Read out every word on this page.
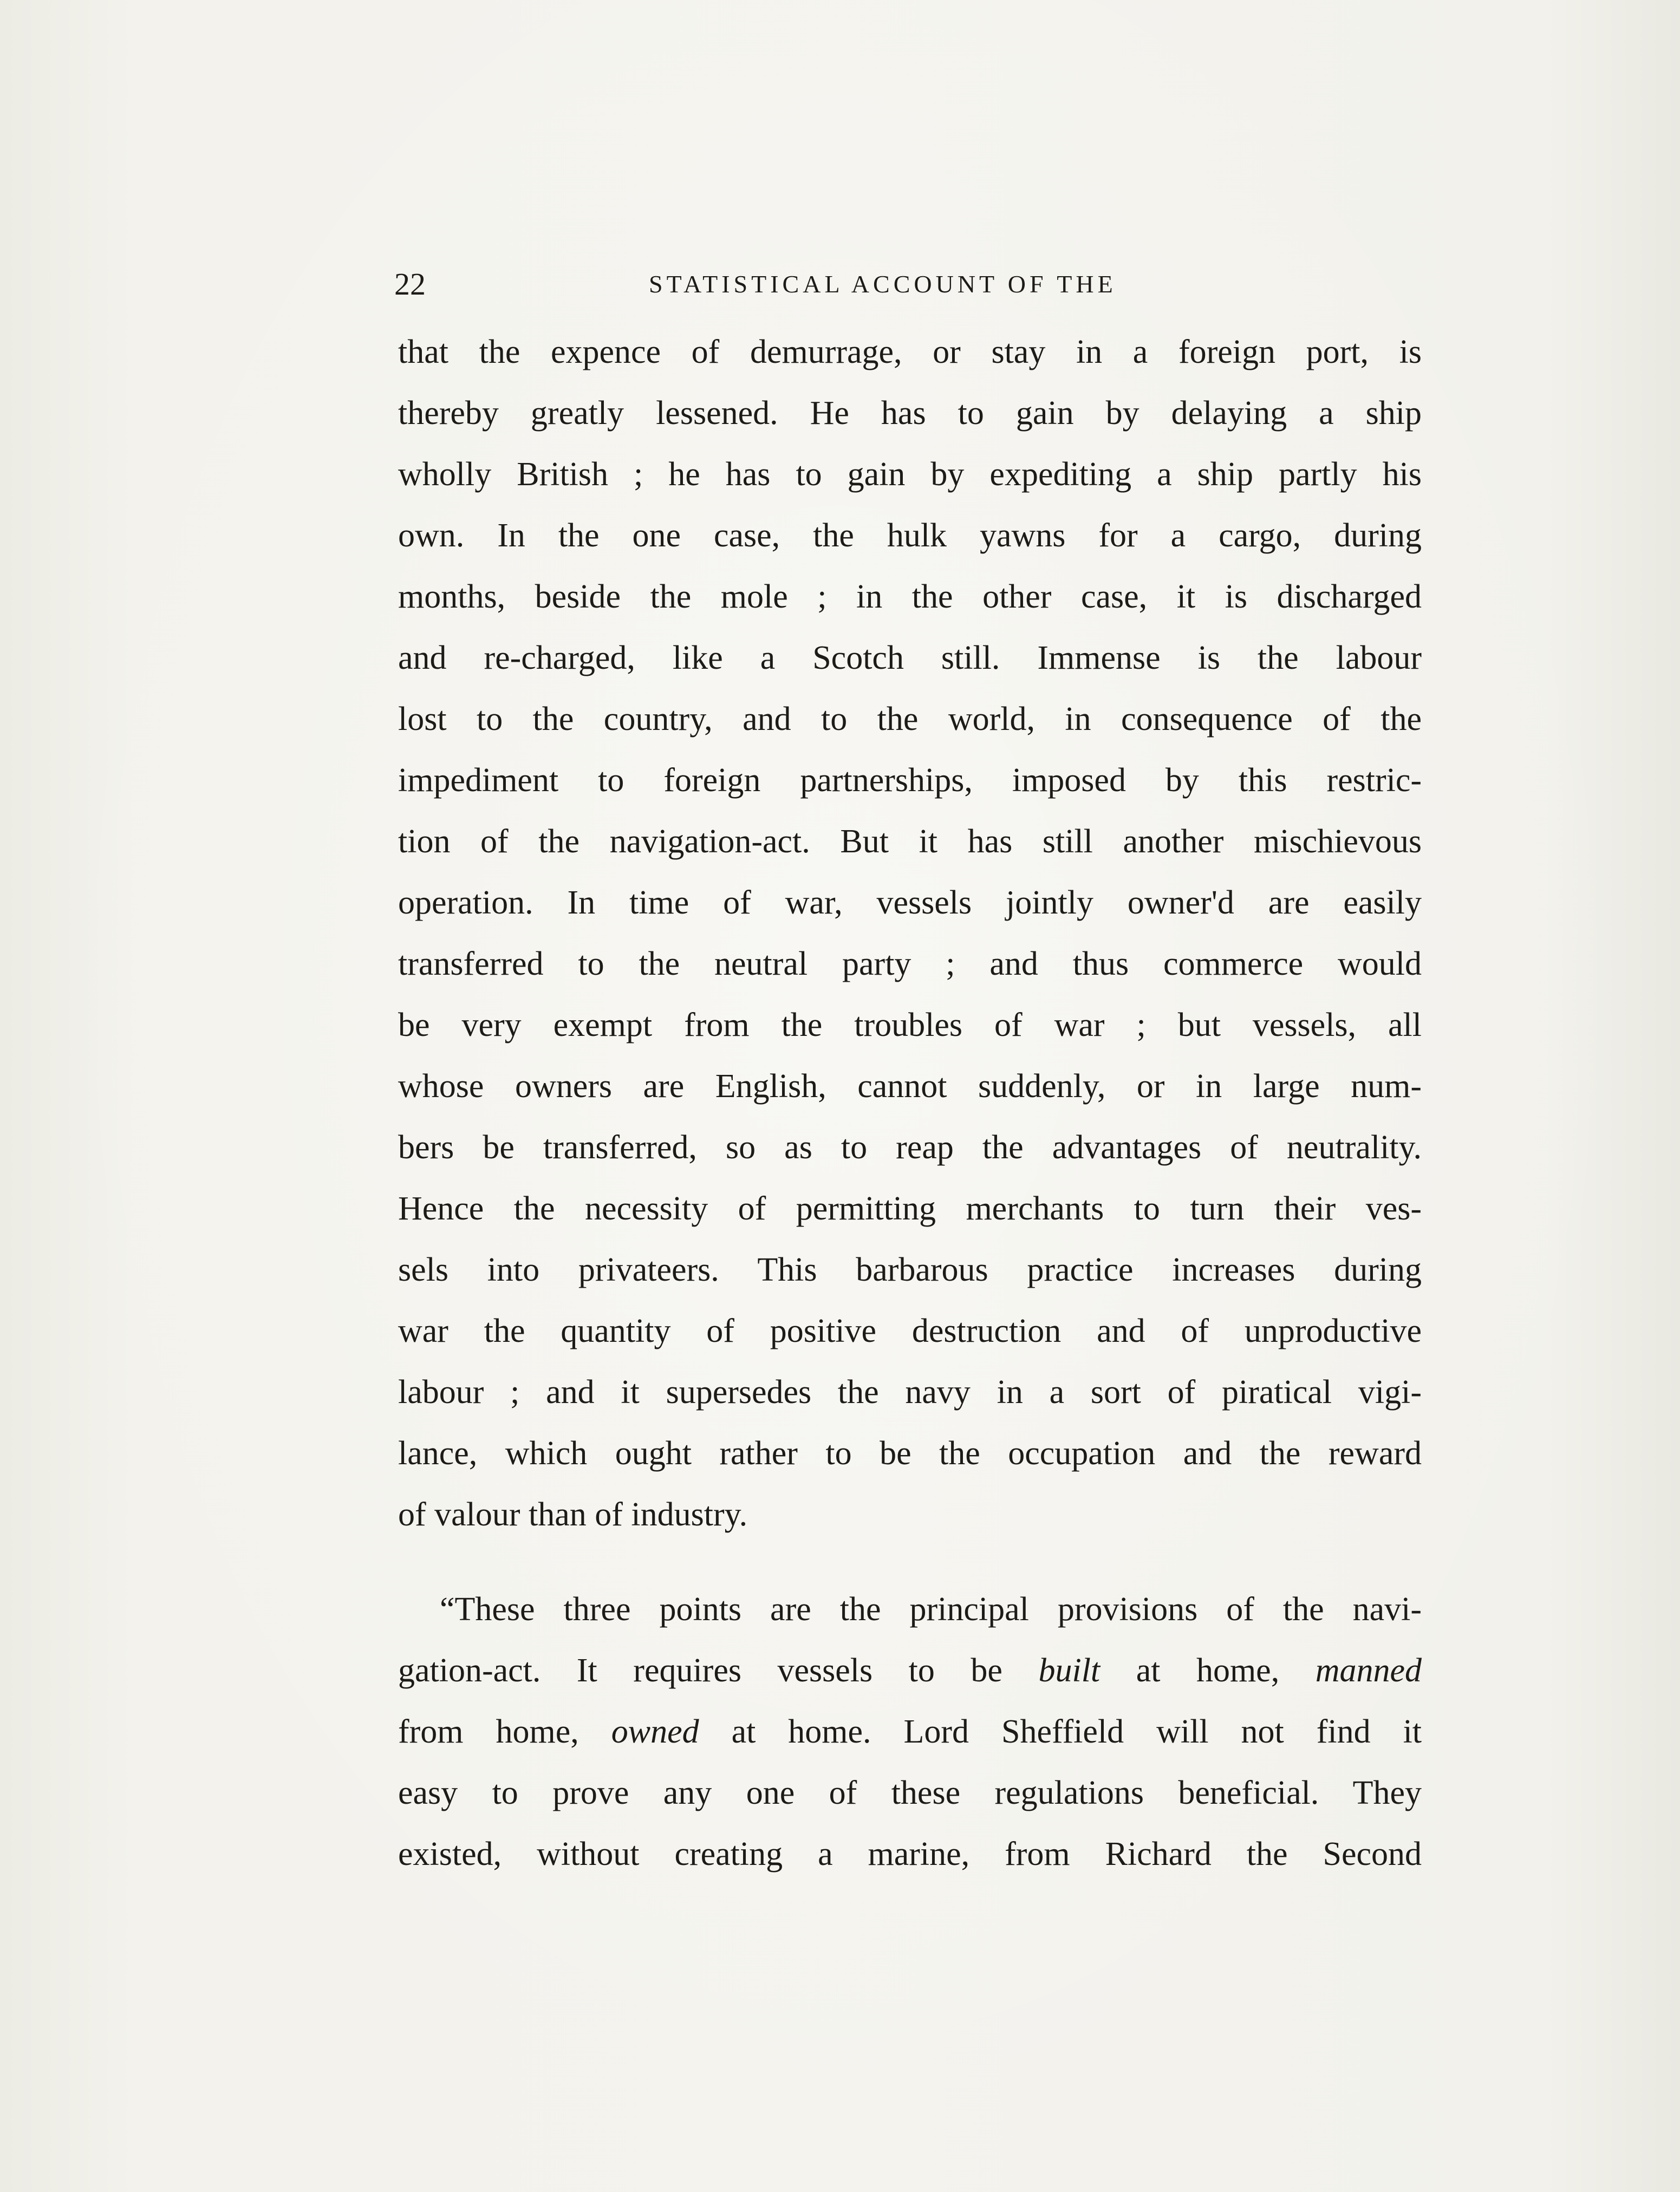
22	STATISTICAL ACCOUNT OF THE
that the expence of demurrage, or stay in a foreign port, is
thereby greatly lessened. He has to gain by delaying a ship
wholly British ; he has to gain by expediting a ship partly his
own. In the one case, the hulk yawns for a cargo, during
months, beside the mole ; in the other case, it is discharged
and re-charged, like a Scotch still. Immense is the labour
lost to the country, and to the world, in consequence of the
impediment to foreign partnerships, imposed by this restric-
tion of the navigation-act. But it has still another mischievous
operation. In time of war, vessels jointly owner'd are easily
transferred to the neutral party ; and thus commerce would
be very exempt from the troubles of war ; but vessels, all
whose owners are English, cannot suddenly, or in large num-
bers be transferred, so as to reap the advantages of neutrality.
Hence the necessity of permitting merchants to turn their ves-
sels into privateers. This barbarous practice increases during
war the quantity of positive destruction and of unproductive
labour ; and it supersedes the navy in a sort of piratical vigi-
lance, which ought rather to be the occupation and the reward
of valour than of industry.
“These three points are the principal provisions of the navi-
gation-act. It requires vessels to be built at home, manned
from home, owned at home. Lord Sheffield will not find it
easy to prove any one of these regulations beneficial. They
existed, without creating a marine, from Richard the Second
